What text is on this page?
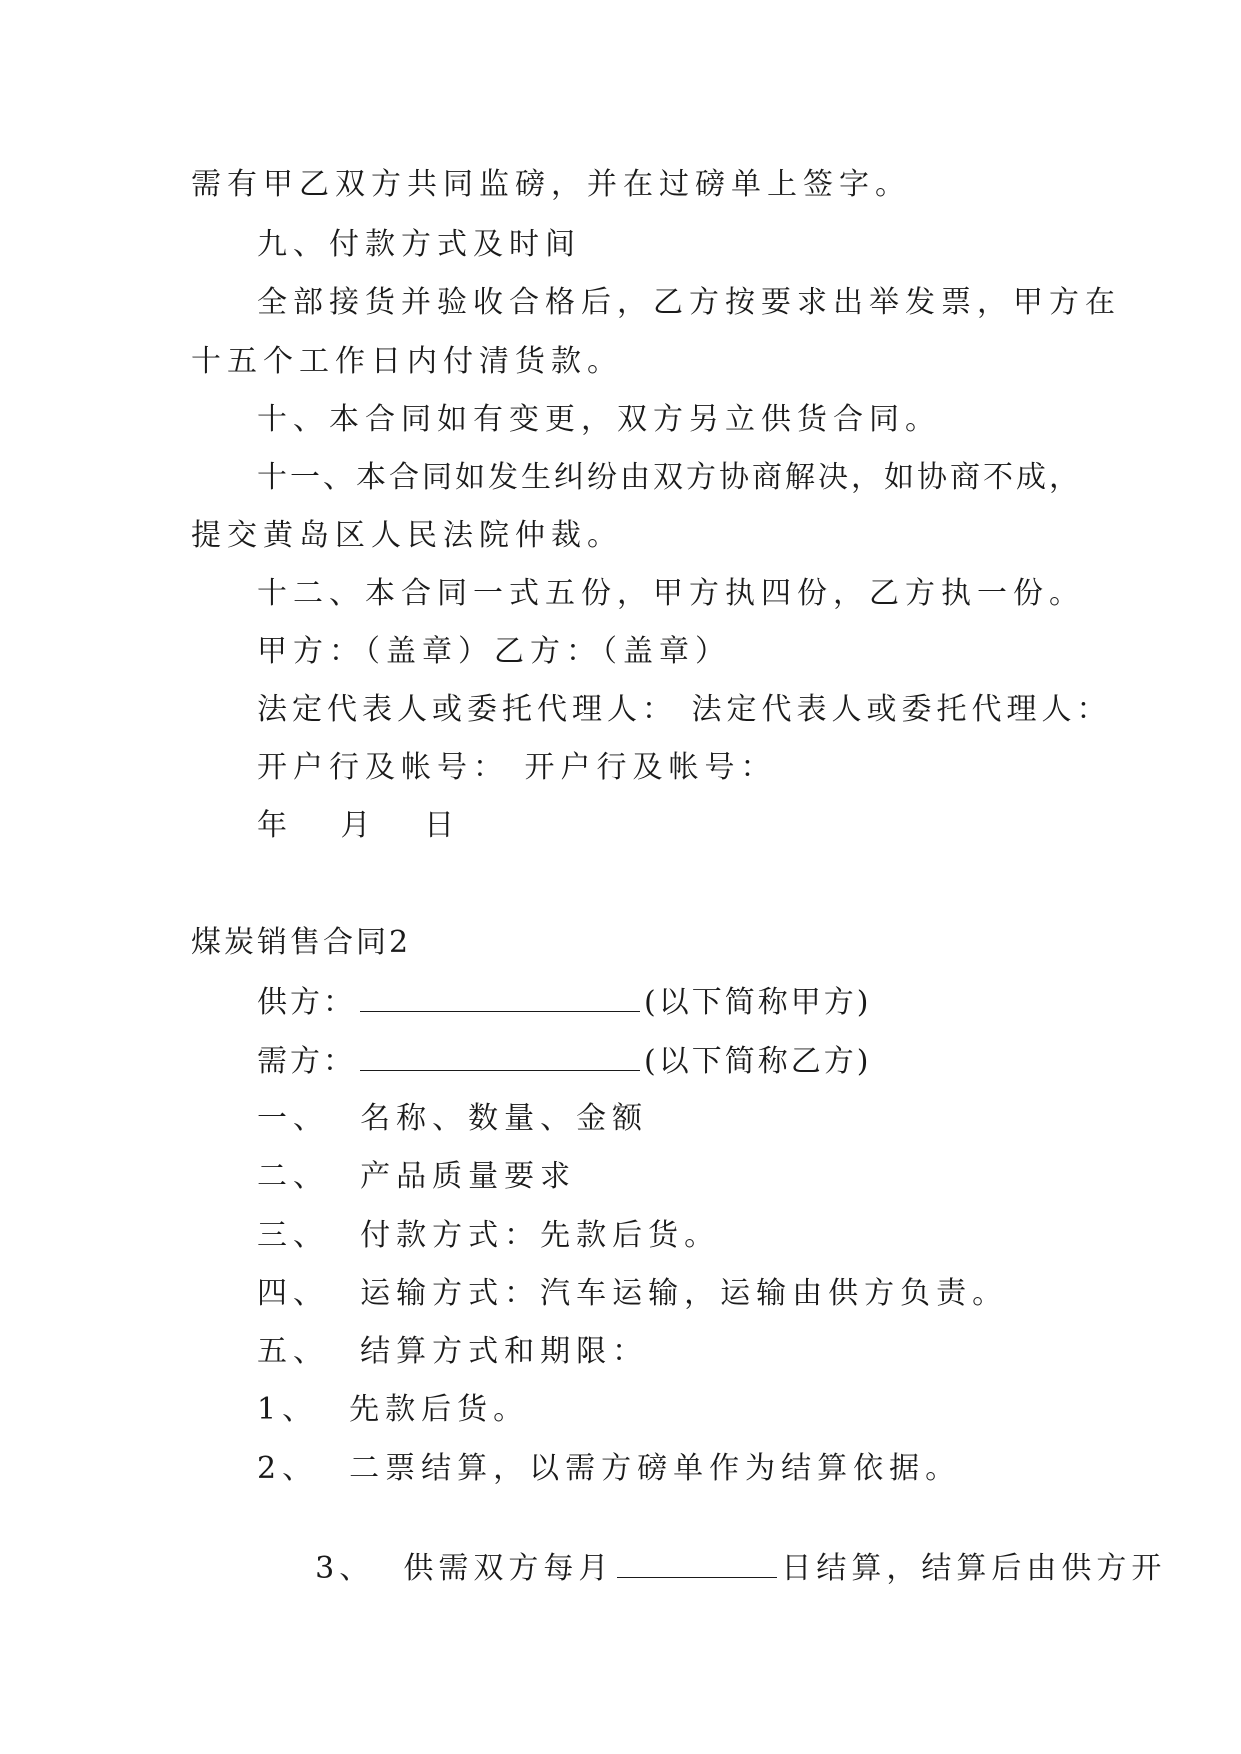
需有甲乙双方共同监磅，并在过磅单上签字。
九、付款方式及时间
全部接货并验收合格后，乙方按要求出举发票，甲方在
十五个工作日内付清货款。
十、本合同如有变更，双方另立供货合同。
十一、本合同如发生纠纷由双方协商解决，如协商不成，
提交黄岛区人民法院仲裁。
十二、本合同一式五份，甲方执四份，乙方执一份。
甲方：（盖章）乙方：（盖章）
法定代表人或委托代理人： 法定代表人或委托代理人：
开户行及帐号： 开户行及帐号：
年 月 日
煤炭销售合同2
供方：	(以下简称甲方)
需方：	(以下简称乙方)
一、  名称、数量、金额
二、  产品质量要求
三、  付款方式：先款后货。
四、  运输方式：汽车运输，运输由供方负责。
五、  结算方式和期限：
1、  先款后货。
2、  二票结算，以需方磅单作为结算依据。

3、  供需双方每月	日结算，结算后由供方开
